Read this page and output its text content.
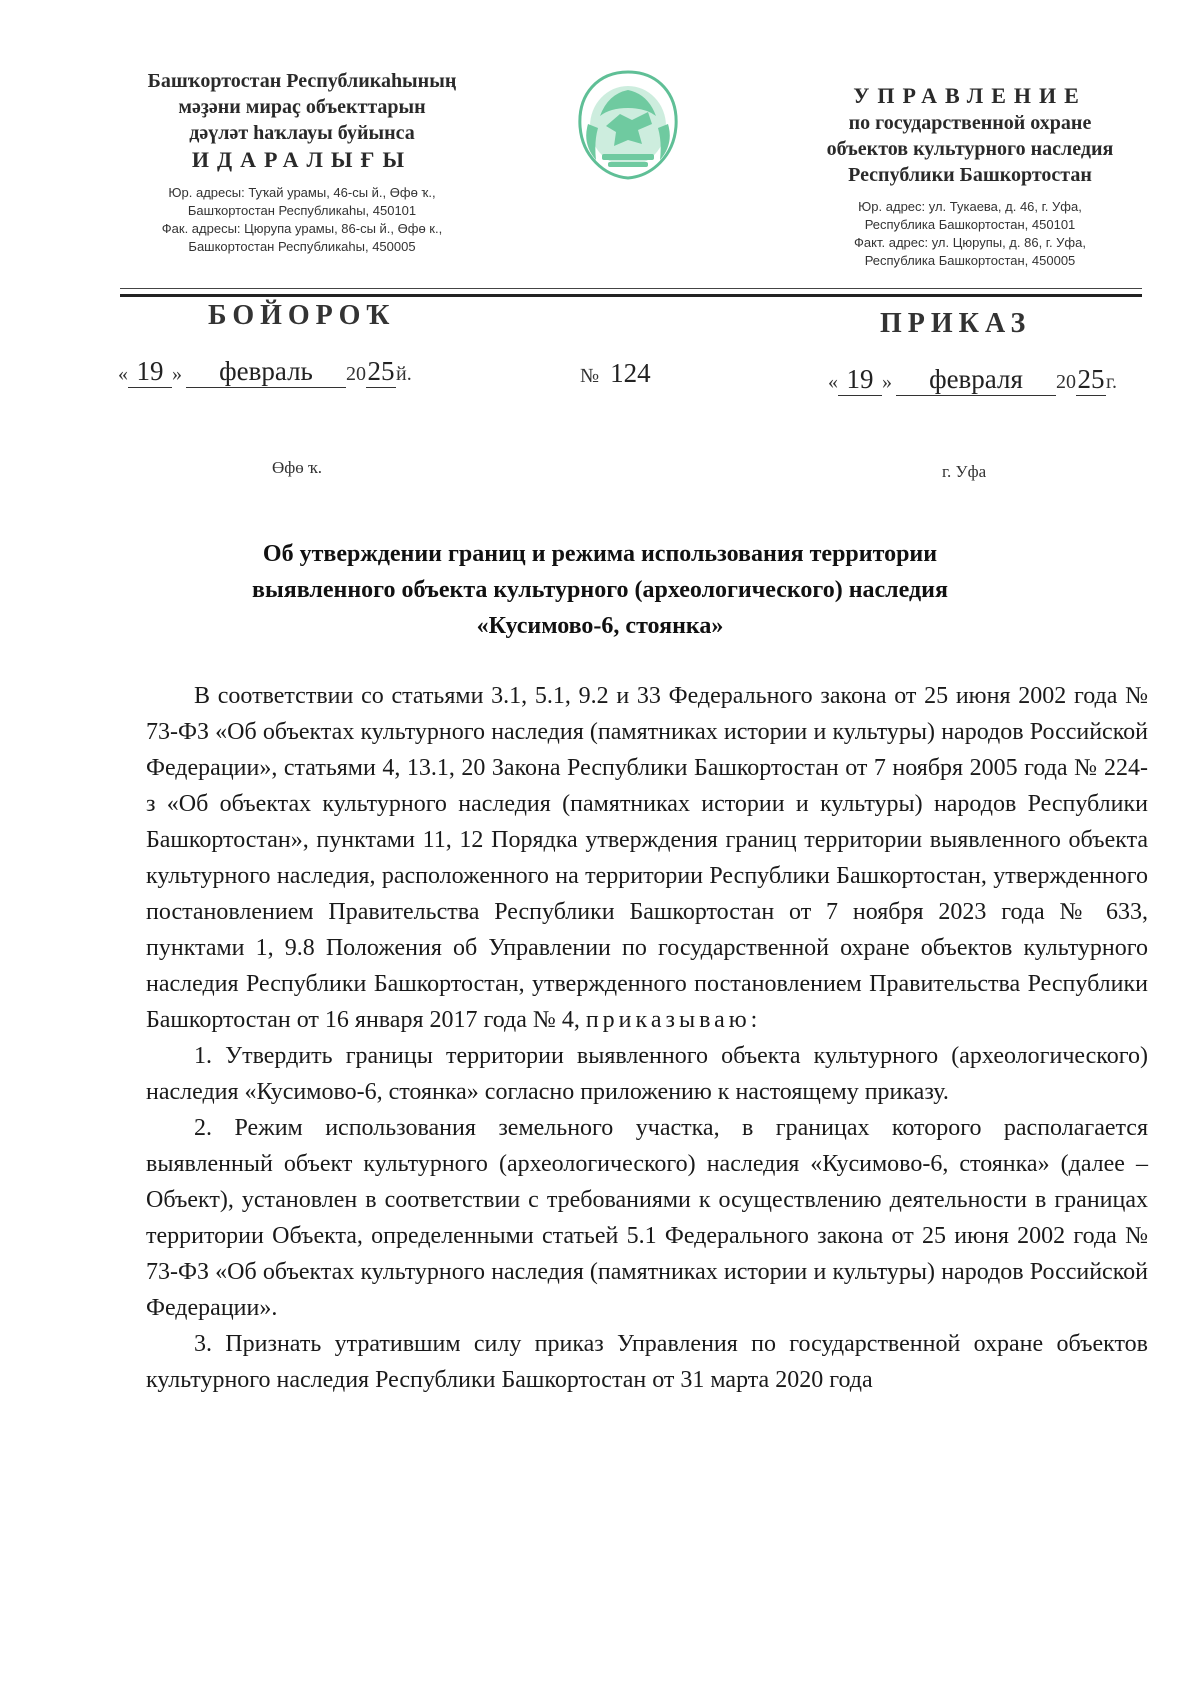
Башҡортостан Республикаһының
мәҙәни мираҫ объекттарын
дәүләт һаҡлауы буйынса
ИДАРАЛЫҒЫ
Юр. адресы: Туҡай урамы, 46-сы й., Өфө ҡ.,
Башҡортостан Республикаһы, 450101
Фак. адресы: Цюрупа урамы, 86-сы й., Өфө к.,
Башкортостан Республикаһы, 450005
УПРАВЛЕНИЕ
по государственной охране
объектов культурного наследия
Республики Башкортостан
Юр. адрес: ул. Тукаева, д. 46, г. Уфа,
Республика Башкортостан, 450101
Факт. адрес: ул. Цюрупы, д. 86, г. Уфа,
Республика Башкортостан, 450005
БОЙОРОҠ	ПРИКАЗ
« 19 » февраль 2025й.	№ 124	« 19 » февраля 2025г.
Өфө ҡ.	г. Уфа
Об утверждении границ и режима использования территории
выявленного объекта культурного (археологического) наследия
«Кусимово-6, стоянка»

В соответствии со статьями 3.1, 5.1, 9.2 и 33 Федерального закона от 25 июня 2002 года № 73-ФЗ «Об объектах культурного наследия (памятниках истории и культуры) народов Российской Федерации», статьями 4, 13.1, 20 Закона Республики Башкортостан от 7 ноября 2005 года № 224-з «Об объектах культурного наследия (памятниках истории и культуры) народов Республики Башкортостан», пунктами 11, 12 Порядка утверждения границ территории выявленного объекта культурного наследия, расположенного на территории Республики Башкортостан, утвержденного постановлением Правительства Республики Башкортостан от 7 ноября 2023 года № 633, пунктами 1, 9.8 Положения об Управлении по государственной охране объектов культурного наследия Республики Башкортостан, утвержденного постановлением Правительства Республики Башкортостан от 16 января 2017 года № 4, приказываю:

1. Утвердить границы территории выявленного объекта культурного (археологического) наследия «Кусимово-6, стоянка» согласно приложению к настоящему приказу.

2. Режим использования земельного участка, в границах которого располагается выявленный объект культурного (археологического) наследия «Кусимово-6, стоянка» (далее – Объект), установлен в соответствии с требованиями к осуществлению деятельности в границах территории Объекта, определенными статьей 5.1 Федерального закона от 25 июня 2002 года № 73-ФЗ «Об объектах культурного наследия (памятниках истории и культуры) народов Российской Федерации».

3. Признать утратившим силу приказ Управления по государственной охране объектов культурного наследия Республики Башкортостан от 31 марта 2020 года
